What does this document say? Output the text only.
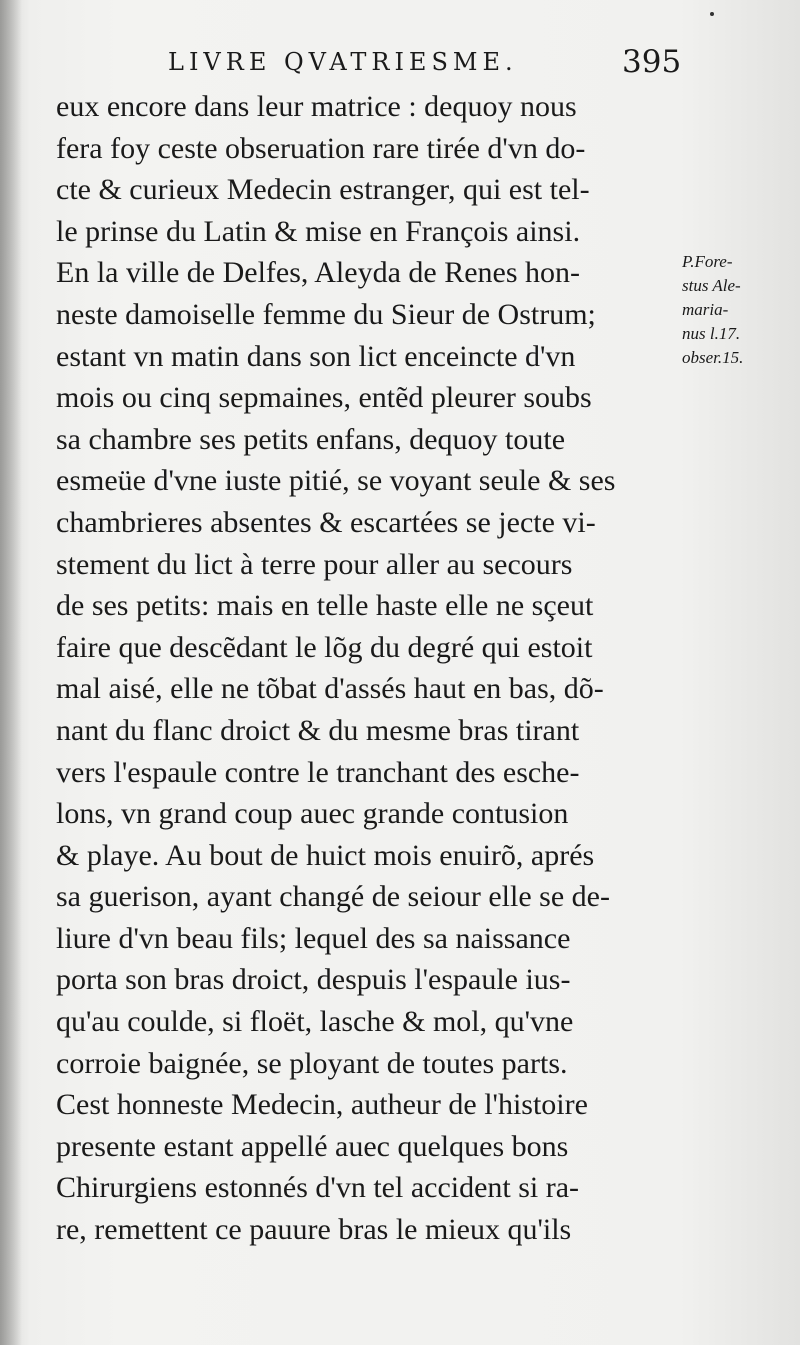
LIVRE QVATRIESME.	395
eux encore dans leur matrice : dequoy nous
fera foy ceste obseruation rare tirée d'vn do-
cte & curieux Medecin estranger, qui est tel-
le prinse du Latin & mise en François ainsi.
En la ville de Delfes, Aleyda de Renes hon-
neste damoiselle femme du Sieur de Ostrum;
estant vn matin dans son lict enceincte d'vn
mois ou cinq sepmaines, entẽd pleurer soubs
sa chambre ses petits enfans, dequoy toute
esmeüe d'vne iuste pitié, se voyant seule & ses
chambrieres absentes & escartées se jecte vi-
stement du lict à terre pour aller au secours
de ses petits: mais en telle haste elle ne sçeut
faire que descẽdant le lõg du degré qui estoit
mal aisé, elle ne tõbat d'assés haut en bas, dõ-
nant du flanc droict & du mesme bras tirant
vers l'espaule contre le tranchant des esche-
lons, vn grand coup auec grande contusion
& playe. Au bout de huict mois enuirõ, aprés
sa guerison, ayant changé de seiour elle se de-
liure d'vn beau fils; lequel des sa naissance
porta son bras droict, despuis l'espaule ius-
qu'au coulde, si floët, lasche & mol, qu'vne
corroie baignée, se ployant de toutes parts.
Cest honneste Medecin, autheur de l'histoire
presente estant appellé auec quelques bons
Chirurgiens estonnés d'vn tel accident si ra-
re, remettent ce pauure bras le mieux qu'ils
P.Fore-
stus Ale-
maria-
nus l.17.
obser.15.
